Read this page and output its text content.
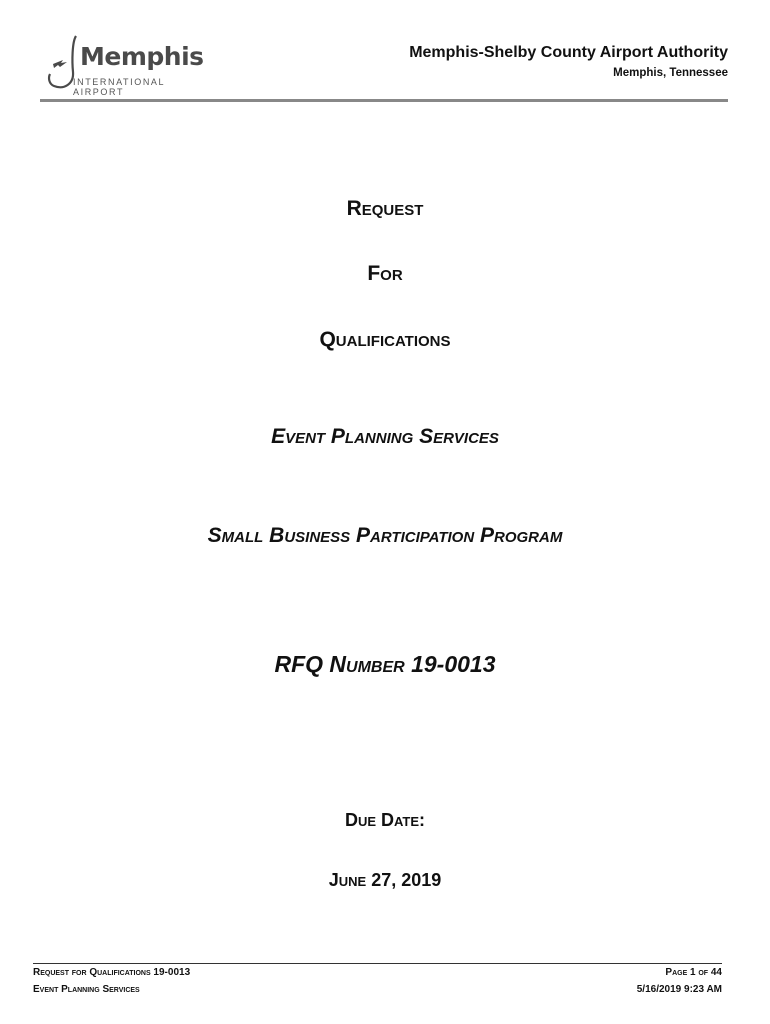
Memphis
INTERNATIONAL AIRPORT
Memphis-Shelby County Airport Authority
Memphis, Tennessee
Request
For
Qualifications
Event Planning Services
Small Business Participation Program
RFQ Number 19-0013
Due Date:
June 27, 2019
Request for Qualifications 19-0013
Event Planning Services
Page 1 of 44
5/16/2019 9:23 AM
